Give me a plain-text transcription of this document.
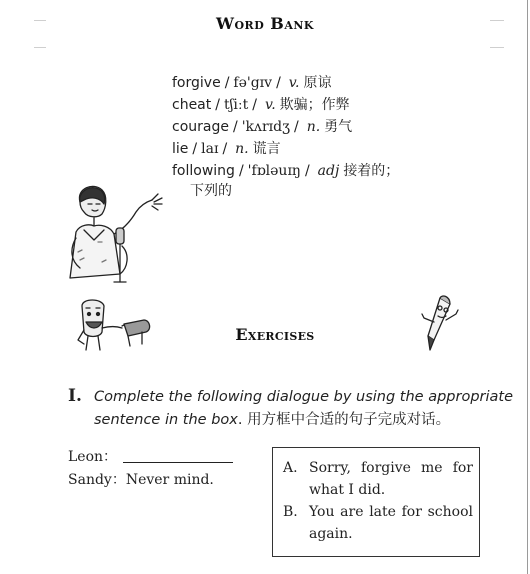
Word Bank
forgive / fə'gɪv / v. 原谅
cheat / tʃiːt / v. 欺骗；作弊
courage / 'kʌrɪdʒ / n. 勇气
lie / laɪ / n. 谎言
following / 'fɒləuɪŋ / adj 接着的；
下列的
Exercises
I. Complete the following dialogue by using the appropriate
sentence in the box. 用方框中合适的句子完成对话。
Leon：
Sandy：Never mind.
A. Sorry, forgive me for what I did.
B. You are late for school again.
